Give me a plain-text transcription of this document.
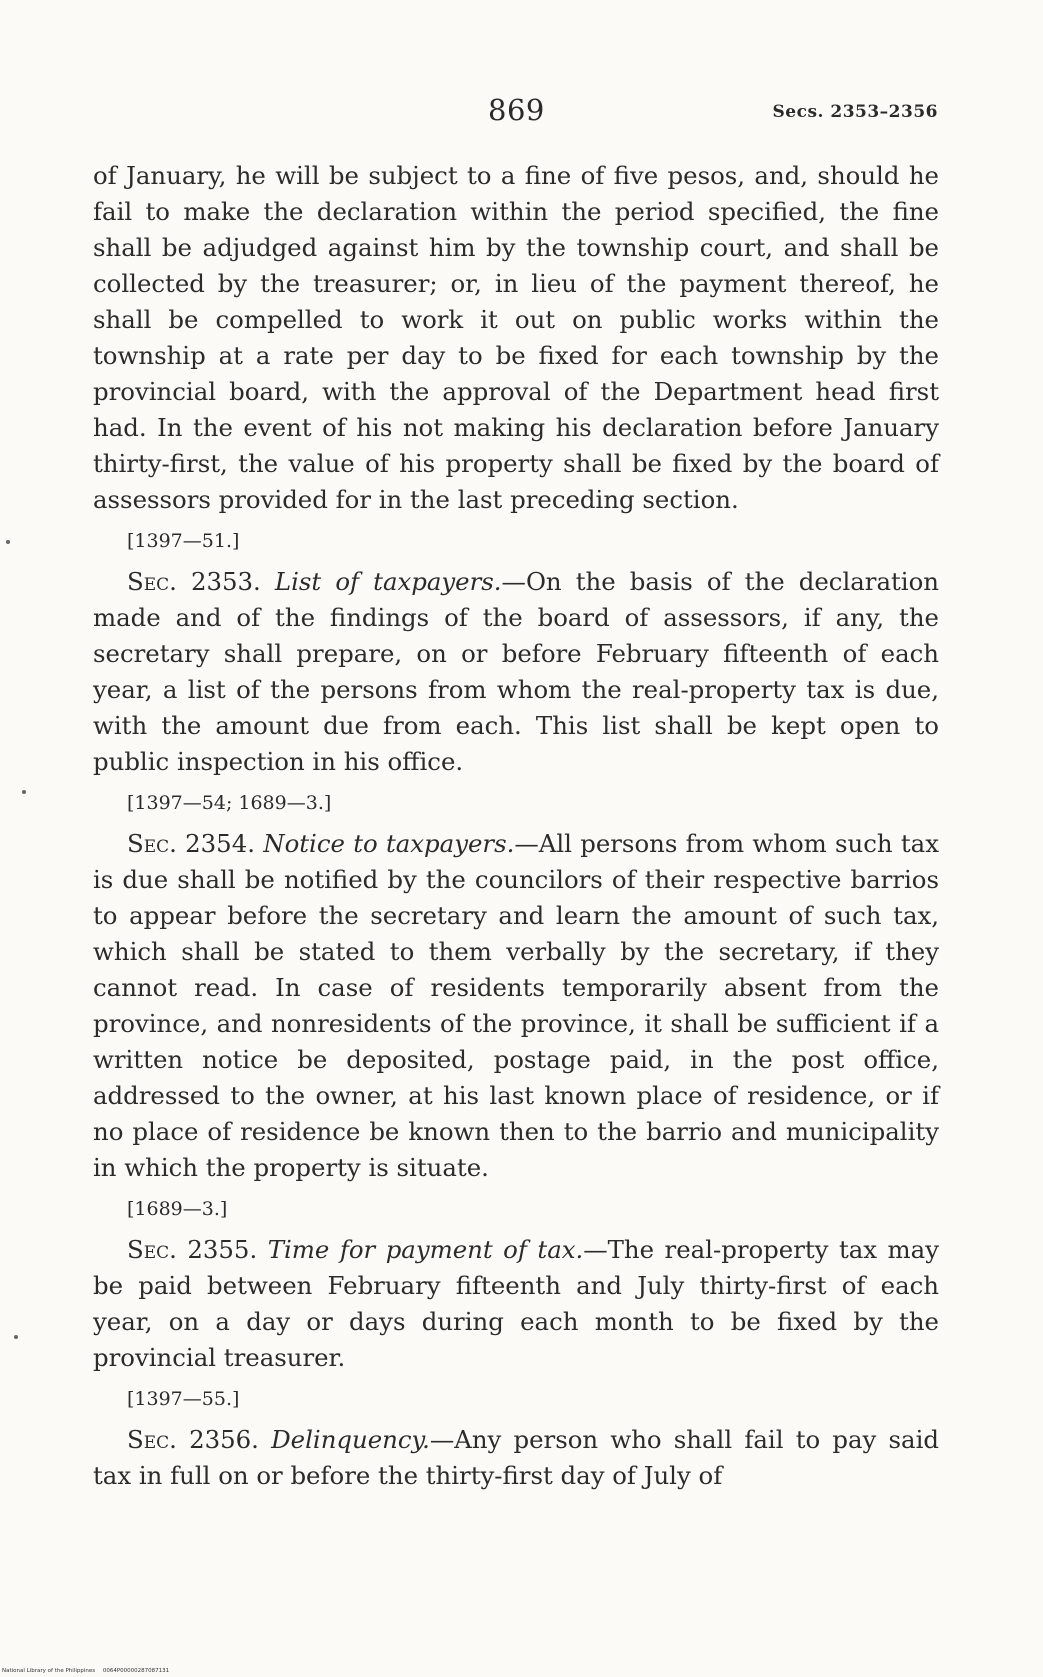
869	Secs. 2353–2356

of January, he will be subject to a fine of five pesos, and, should he fail to make the declaration within the period specified, the fine shall be adjudged against him by the township court, and shall be collected by the treasurer; or, in lieu of the payment thereof, he shall be compelled to work it out on public works within the township at a rate per day to be fixed for each township by the provincial board, with the approval of the Department head first had. In the event of his not making his declaration before January thirty-first, the value of his property shall be fixed by the board of assessors provided for in the last preceding section.

[1397—51.]

Sec. 2353. List of taxpayers.—On the basis of the declaration made and of the findings of the board of assessors, if any, the secretary shall prepare, on or before February fifteenth of each year, a list of the persons from whom the real-property tax is due, with the amount due from each. This list shall be kept open to public inspection in his office.

[1397—54; 1689—3.]

Sec. 2354. Notice to taxpayers.—All persons from whom such tax is due shall be notified by the councilors of their respective barrios to appear before the secretary and learn the amount of such tax, which shall be stated to them verbally by the secretary, if they cannot read. In case of residents temporarily absent from the province, and nonresidents of the province, it shall be sufficient if a written notice be deposited, postage paid, in the post office, addressed to the owner, at his last known place of residence, or if no place of residence be known then to the barrio and municipality in which the property is situate.

[1689—3.]

Sec. 2355. Time for payment of tax.—The real-property tax may be paid between February fifteenth and July thirty-first of each year, on a day or days during each month to be fixed by the provincial treasurer.

[1397—55.]

Sec. 2356. Delinquency.—Any person who shall fail to pay said tax in full on or before the thirty-first day of July of

National Library of the Philippines 0064P00000287087131
